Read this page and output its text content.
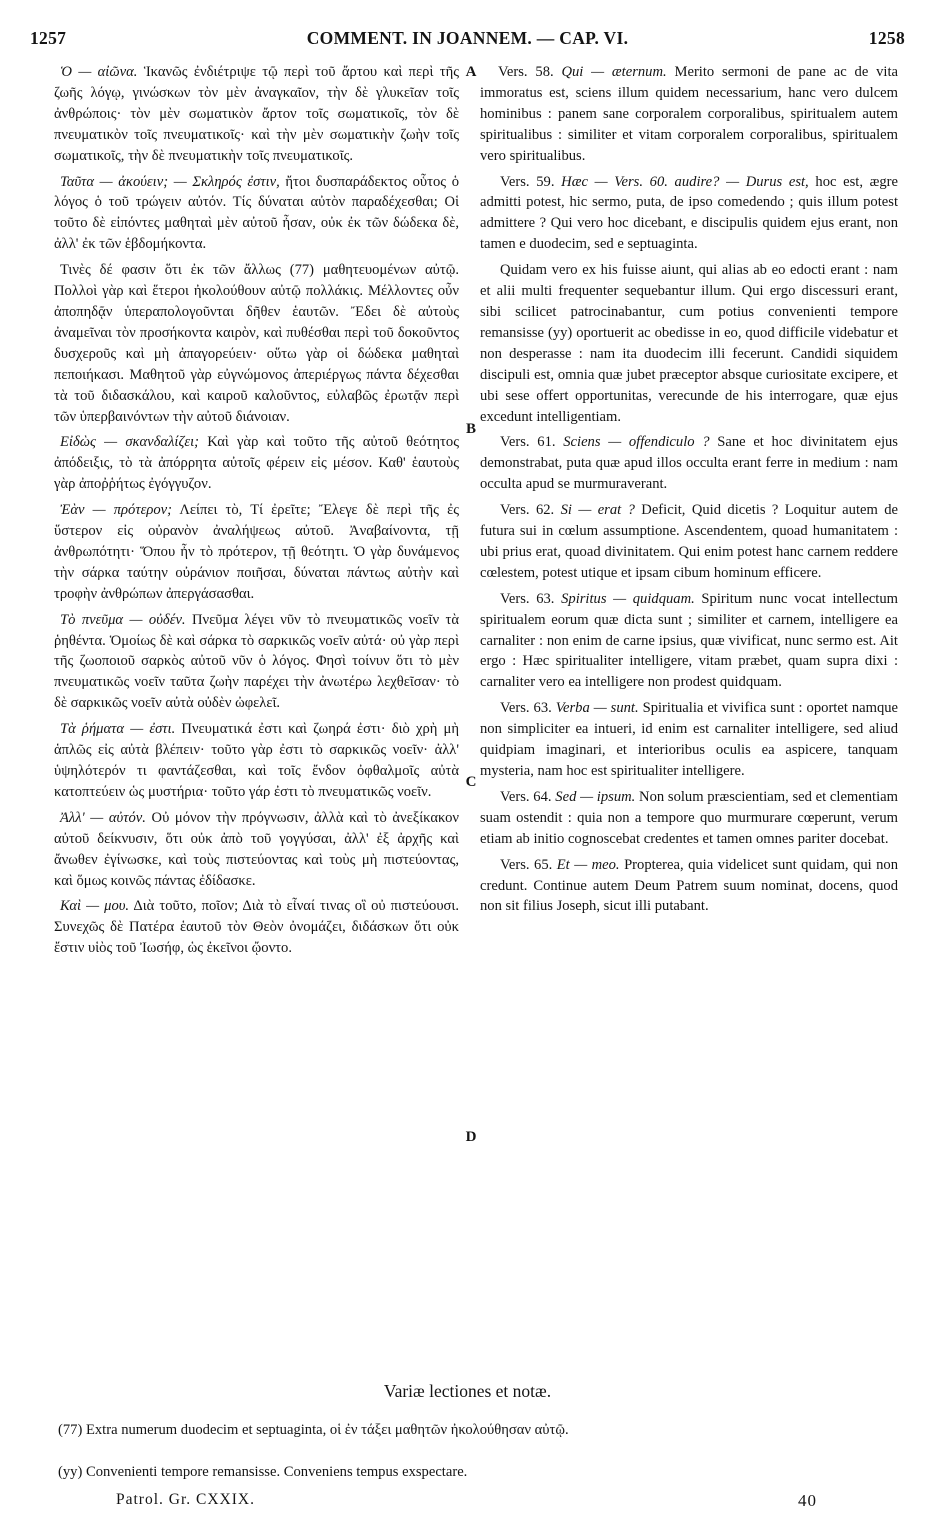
1257	COMMENT. IN JOANNEM. — CAP. VI.	1258

Ὁ — αἰῶνα. Ἱκανῶς ἐνδιέτριψε τῷ περὶ τοῦ ἄρτου καὶ περὶ τῆς ζωῆς λόγῳ, γινώσκων τὸν μὲν ἀναγκαῖον, τὴν δὲ γλυκεῖαν τοῖς ἀνθρώποις· τὸν μὲν σωματικὸν ἄρτον τοῖς σωματικοῖς, τὸν δὲ πνευματικὸν τοῖς πνευματικοῖς· καὶ τὴν μὲν σωματικὴν ζωὴν τοῖς σωματικοῖς, τὴν δὲ πνευματικὴν τοῖς πνευματικοῖς.

Ταῦτα — ἀκούειν; — Σκληρός ἐστιν, ἤτοι δυσπαράδεκτος οὗτος ὁ λόγος ὁ τοῦ τρώγειν αὐτόν. Τίς δύναται αὐτὸν παραδέχεσθαι; Οἱ τοῦτο δὲ εἰπόντες μαθηταὶ μὲν αὐτοῦ ἦσαν, οὐκ ἐκ τῶν δώδεκα δὲ, ἀλλ' ἐκ τῶν ἑβδομήκοντα.

Τινὲς δέ φασιν ὅτι ἐκ τῶν ἄλλως (77) μαθητευομένων αὐτῷ. Πολλοὶ γὰρ καὶ ἕτεροι ἠκολούθουν αὐτῷ πολλάκις. Μέλλοντες οὖν ἀποπηδᾷν ὑπεραπολογοῦνται δῆθεν ἑαυτῶν. Ἔδει δὲ αὐτοὺς ἀναμεῖναι τὸν προσήκοντα καιρὸν, καὶ πυθέσθαι περὶ τοῦ δοκοῦντος δυσχεροῦς καὶ μὴ ἀπαγορεύειν· οὕτω γὰρ οἱ δώδεκα μαθηταὶ πεποιήκασι. Μαθητοῦ γὰρ εὐγνώμονος ἀπεριέργως πάντα δέχεσθαι τὰ τοῦ διδασκάλου, καὶ καιροῦ καλοῦντος, εὐλαβῶς ἐρωτᾷν περὶ τῶν ὑπερβαινόντων τὴν αὐτοῦ διάνοιαν.

Εἰδὼς — σκανδαλίζει; Καὶ γὰρ καὶ τοῦτο τῆς αὐτοῦ θεότητος ἀπόδειξις, τὸ τὰ ἀπόρρητα αὐτοῖς φέρειν εἰς μέσον. Καθ' ἑαυτοὺς γὰρ ἀποῤῥήτως ἐγόγγυζον.

Ἐὰν — πρότερον; Λείπει τὸ, Τί ἐρεῖτε; Ἔλεγε δὲ περὶ τῆς ἐς ὕστερον εἰς οὐρανὸν ἀναλήψεως αὐτοῦ. Ἀναβαίνοντα, τῇ ἀνθρωπότητι· Ὅπου ἦν τὸ πρότερον, τῇ θεότητι. Ὁ γὰρ δυνάμενος τὴν σάρκα ταύτην οὐράνιον ποιῆσαι, δύναται πάντως αὐτὴν καὶ τροφὴν ἀνθρώπων ἀπεργάσασθαι.

Τὸ πνεῦμα — οὐδέν. Πνεῦμα λέγει νῦν τὸ πνευματικῶς νοεῖν τὰ ῥηθέντα. Ὁμοίως δὲ καὶ σάρκα τὸ σαρκικῶς νοεῖν αὐτά· οὐ γὰρ περὶ τῆς ζωοποιοῦ σαρκὸς αὐτοῦ νῦν ὁ λόγος. Φησὶ τοίνυν ὅτι τὸ μὲν πνευματικῶς νοεῖν ταῦτα ζωὴν παρέχει τὴν ἀνωτέρω λεχθεῖσαν· τὸ δὲ σαρκικῶς νοεῖν αὐτὰ οὐδὲν ὠφελεῖ.

Τὰ ῥήματα — ἐστι. Πνευματικά ἐστι καὶ ζωηρά ἐστι· διὸ χρὴ μὴ ἁπλῶς εἰς αὐτὰ βλέπειν· τοῦτο γὰρ ἐστι τὸ σαρκικῶς νοεῖν· ἀλλ' ὑψηλότερόν τι φαντάζεσθαι, καὶ τοῖς ἔνδον ὀφθαλμοῖς αὐτὰ κατοπτεύειν ὡς μυστήρια· τοῦτο γάρ ἐστι τὸ πνευματικῶς νοεῖν.

Ἀλλ' — αὐτόν. Οὐ μόνον τὴν πρόγνωσιν, ἀλλὰ καὶ τὸ ἀνεξίκακον αὐτοῦ δείκνυσιν, ὅτι οὐκ ἀπὸ τοῦ γογγύσαι, ἀλλ' ἐξ ἀρχῆς καὶ ἄνωθεν ἐγίνωσκε, καὶ τοὺς πιστεύοντας καὶ τοὺς μὴ πιστεύοντας, καὶ ὅμως κοινῶς πάντας ἐδίδασκε.

Καὶ — μου. Διὰ τοῦτο, ποῖον; Διὰ τὸ εἶναί τινας οἳ οὐ πιστεύουσι. Συνεχῶς δὲ Πατέρα ἑαυτοῦ τὸν Θεὸν ὀνομάζει, διδάσκων ὅτι οὐκ ἔστιν υἱὸς τοῦ Ἰωσήφ, ὡς ἐκεῖνοι ᾤοντο.

A
B
C
D

Vers. 58. Qui — æternum. Merito sermoni de pane ac de vita immoratus est, sciens illum quidem necessarium, hanc vero dulcem hominibus : panem sane corporalem corporalibus, spiritualem autem spiritualibus : similiter et vitam corporalem corporalibus, spiritualem vero spiritualibus.

Vers. 59. Hæc — Vers. 60. audire? — Durus est, hoc est, ægre admitti potest, hic sermo, puta, de ipso comedendo ; quis illum potest admittere ? Qui vero hoc dicebant, e discipulis quidem ejus erant, non tamen e duodecim, sed e septuaginta.

Quidam vero ex his fuisse aiunt, qui alias ab eo edocti erant : nam et alii multi frequenter sequebantur illum. Qui ergo discessuri erant, sibi scilicet patrocinabantur, cum potius convenienti tempore remansisse (yy) oportuerit ac obedisse in eo, quod difficile videbatur et non desperasse : nam ita duodecim illi fecerunt. Candidi siquidem discipuli est, omnia quæ jubet præceptor absque curiositate excipere, et ubi sese offert opportunitas, verecunde de his interrogare, quæ ejus excedunt intelligentiam.

Vers. 61. Sciens — offendiculo ? Sane et hoc divinitatem ejus demonstrabat, puta quæ apud illos occulta erant ferre in medium : nam occulta apud se murmuraverant.

Vers. 62. Si — erat ? Deficit, Quid dicetis ? Loquitur autem de futura sui in cœlum assumptione. Ascendentem, quoad humanitatem : ubi prius erat, quoad divinitatem. Qui enim potest hanc carnem reddere cœlestem, potest utique et ipsam cibum hominum efficere.

Vers. 63. Spiritus — quidquam. Spiritum nunc vocat intellectum spiritualem eorum quæ dicta sunt ; similiter et carnem, intelligere ea carnaliter : non enim de carne ipsius, quæ vivificat, nunc sermo est. Ait ergo : Hæc spiritualiter intelligere, vitam præbet, quam supra dixi : carnaliter vero ea intelligere non prodest quidquam.

Vers. 63. Verba — sunt. Spiritualia et vivifica sunt : oportet namque non simpliciter ea intueri, id enim est carnaliter intelligere, sed aliud quidpiam imaginari, et interioribus oculis ea aspicere, tanquam mysteria, nam hoc est spiritualiter intelligere.

Vers. 64. Sed — ipsum. Non solum præscientiam, sed et clementiam suam ostendit : quia non a tempore quo murmurare cœperunt, verum etiam ab initio cognoscebat credentes et tamen omnes pariter docebat.

Vers. 65. Et — meo. Propterea, quia videlicet sunt quidam, qui non credunt. Continue autem Deum Patrem suum nominat, docens, quod non sit filius Joseph, sicut illi putabant.

Variæ lectiones et notæ.
(77) Extra numerum duodecim et septuaginta, οἱ ἐν τάξει μαθητῶν ἠκολούθησαν αὐτῷ.
(yy) Convenienti tempore remansisse. Conveniens tempus exspectare.
Patrol. Gr. CXXIX.	40
